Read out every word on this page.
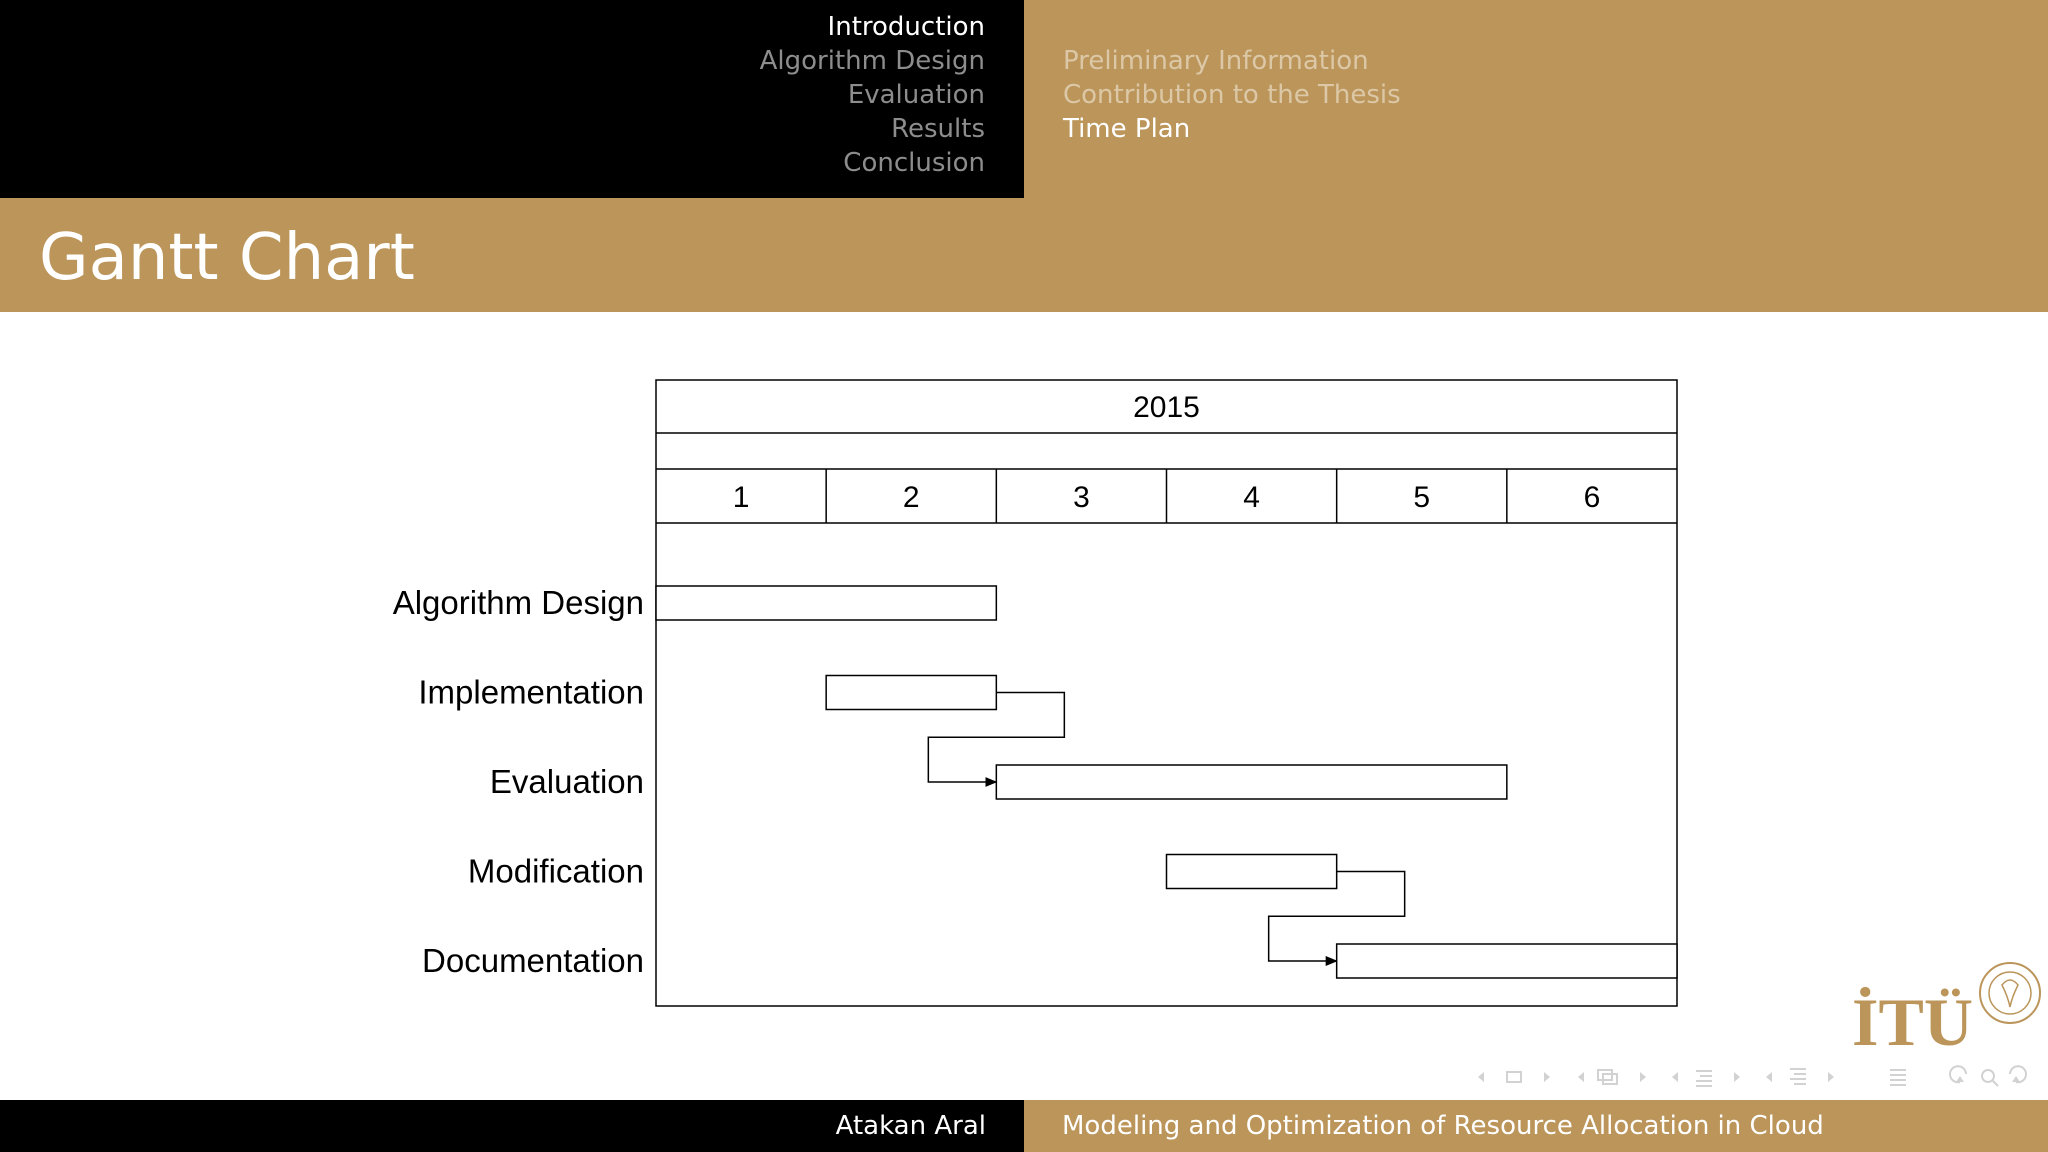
Introduction
Algorithm Design
Evaluation
Results
Conclusion
Preliminary Information
Contribution to the Thesis
Time Plan
Gantt Chart
2015
1	2	3	4	5	6
Algorithm Design
Implementation
Evaluation
Modification
Documentation
İTÜ
Atakan Aral	Modeling and Optimization of Resource Allocation in Cloud
